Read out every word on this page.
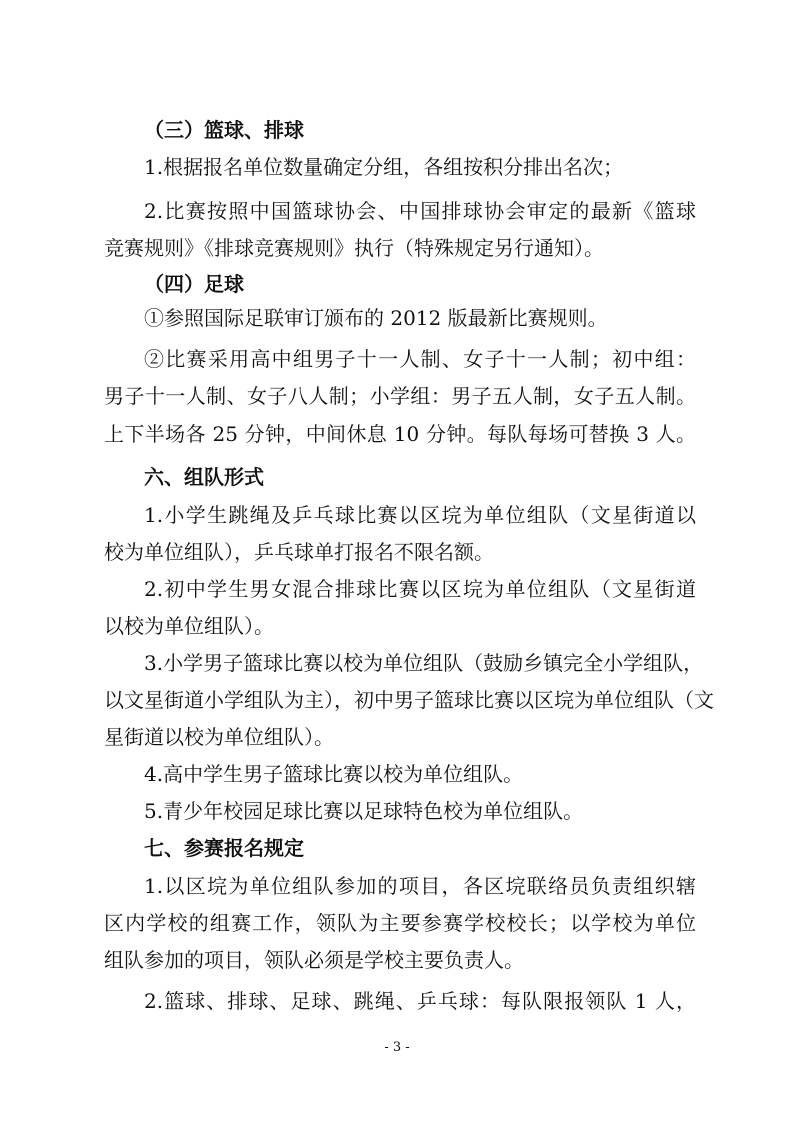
（三）篮球、排球
1.根据报名单位数量确定分组，各组按积分排出名次；
2.比赛按照中国篮球协会、中国排球协会审定的最新《篮球
竞赛规则》《排球竞赛规则》执行（特殊规定另行通知）。
（四）足球
①参照国际足联审订颁布的 2012 版最新比赛规则。
②比赛采用高中组男子十一人制、女子十一人制；初中组：
男子十一人制、女子八人制；小学组：男子五人制，女子五人制。
上下半场各 25 分钟，中间休息 10 分钟。每队每场可替换 3 人。
六、组队形式
1.小学生跳绳及乒乓球比赛以区垸为单位组队（文星街道以
校为单位组队），乒乓球单打报名不限名额。
2.初中学生男女混合排球比赛以区垸为单位组队（文星街道
以校为单位组队）。
3.小学男子篮球比赛以校为单位组队（鼓励乡镇完全小学组队，
以文星街道小学组队为主），初中男子篮球比赛以区垸为单位组队（文
星街道以校为单位组队）。
4.高中学生男子篮球比赛以校为单位组队。
5.青少年校园足球比赛以足球特色校为单位组队。
七、参赛报名规定
1.以区垸为单位组队参加的项目，各区垸联络员负责组织辖
区内学校的组赛工作，领队为主要参赛学校校长；以学校为单位
组队参加的项目，领队必须是学校主要负责人。
2.篮球、排球、足球、跳绳、乒乓球：每队限报领队 1 人，
- 3 -
